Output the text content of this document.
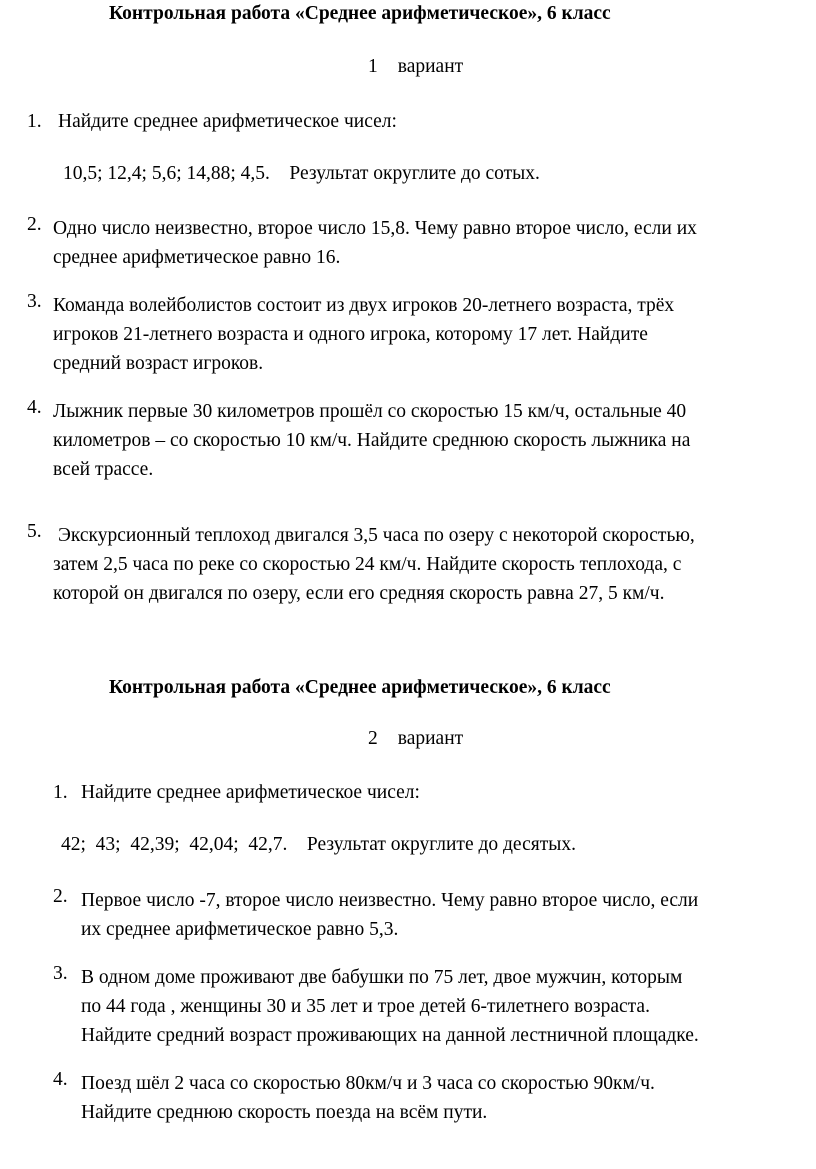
Контрольная работа «Среднее арифметическое», 6 класс
1 вариант
1. Найдите среднее арифметическое чисел:
10,5; 12,4; 5,6; 14,88; 4,5.    Результат округлите до сотых.
2. Одно число неизвестно, второе число 15,8. Чему равно второе число, если их
среднее арифметическое равно 16.
3. Команда волейболистов состоит из двух игроков 20-летнего возраста, трёх
игроков 21-летнего возраста и одного игрока, которому 17 лет. Найдите
средний возраст игроков.
4. Лыжник первые 30 километров прошёл со скоростью 15 км/ч, остальные 40
километров – со скоростью 10 км/ч. Найдите среднюю скорость лыжника на
всей трассе.
5. Экскурсионный теплоход двигался 3,5 часа по озеру с некоторой скоростью,
затем 2,5 часа по реке со скоростью 24 км/ч. Найдите скорость теплохода, с
которой он двигался по озеру, если его средняя скорость равна 27, 5 км/ч.
Контрольная работа «Среднее арифметическое», 6 класс
2 вариант
1. Найдите среднее арифметическое чисел:
42;  43;  42,39;  42,04;  42,7.    Результат округлите до десятых.
2. Первое число -7, второе число неизвестно. Чему равно второе число, если
их среднее арифметическое равно 5,3.
3. В одном доме проживают две бабушки по 75 лет, двое мужчин, которым
по 44 года , женщины 30 и 35 лет и трое детей 6-тилетнего возраста.
Найдите средний возраст проживающих на данной лестничной площадке.
4. Поезд шёл 2 часа со скоростью 80км/ч и 3 часа со скоростью 90км/ч.
Найдите среднюю скорость поезда на всём пути.
